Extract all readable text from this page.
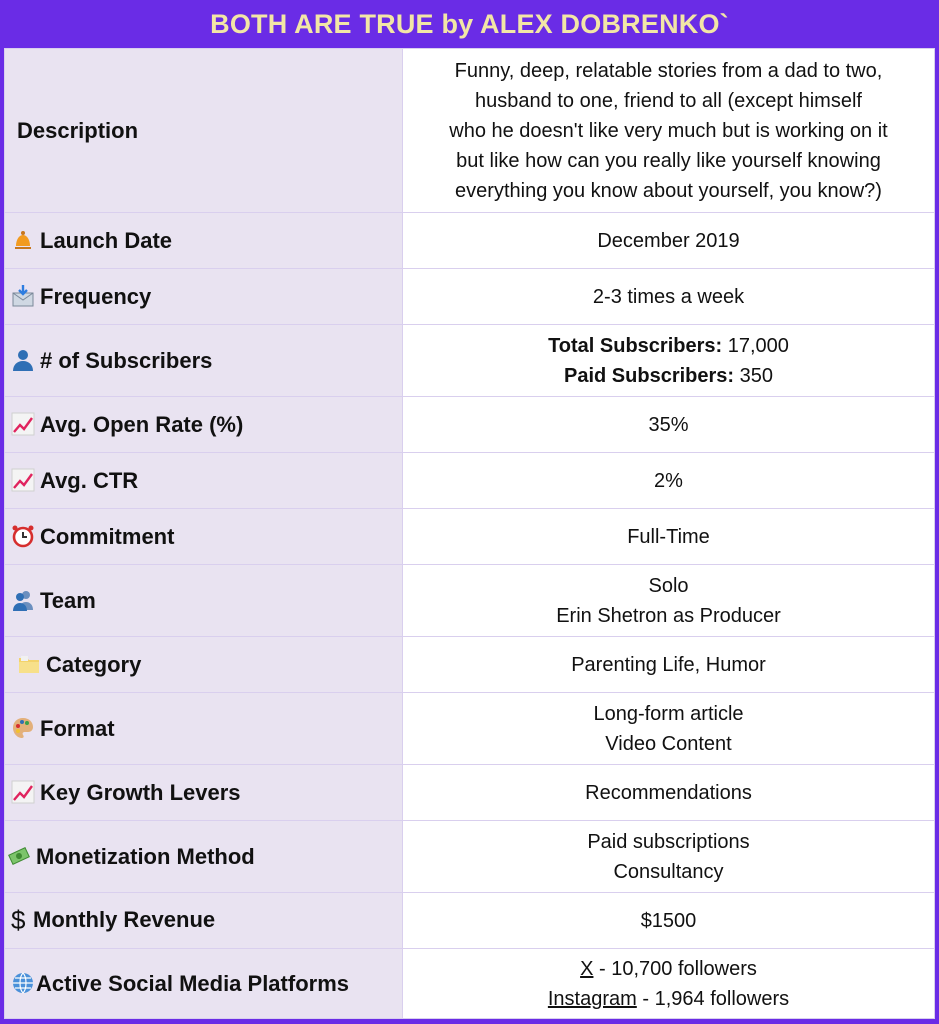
BOTH ARE TRUE by ALEX DOBRENKO`
Description	Funny, deep, relatable stories from a dad to two,
husband to one, friend to all (except himself
who he doesn't like very much but is working on it
but like how can you really like yourself knowing
everything you know about yourself, you know?)

Launch Date	December 2019

Frequency	2-3 times a week

# of Subscribers	Total Subscribers: 17,000
Paid Subscribers: 350

Avg. Open Rate (%)	35%

Avg. CTR	2%

Commitment	Full-Time

Team	Solo
Erin Shetron as Producer

Category	Parenting Life, Humor

Format	Long-form article
Video Content

Key Growth Levers	Recommendations

Monetization Method	Paid subscriptions
Consultancy

$ Monthly Revenue	$1500

Active Social Media Platforms	X - 10,700 followers
Instagram - 1,964 followers
